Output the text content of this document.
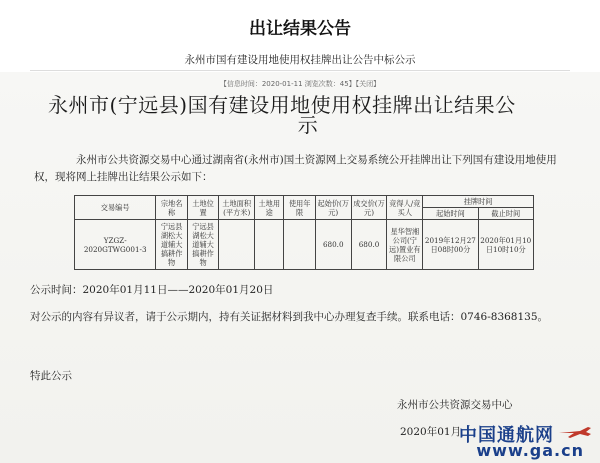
出让结果公告
永州市国有建设用地使用权挂牌出让公告中标公示
【信息时间：2020-01-11 浏览次数：45】【关闭】
永州市(宁远县)国有建设用地使用权挂牌出让结果公
示
永州市公共资源交易中心通过湖南省(永州市)国土资源网上交易系统公开挂牌出让下列国有建设用地使用权，现将网上挂牌出让结果公示如下：
交易编号	宗地名称	土地位置	土地面积(平方米)	土地用途	使用年限	起始价(万元)	成交价(万元)	竞得人/竞买人	挂牌时间	
									起始时间	截止时间
YZGZ-2020GTWG001-3	宁远县湖松大道辅大搞耕作物	宁远县湖松大道辅大搞耕作物				680.0	680.0	星华智湘公司(宁远)置业有限公司	2019年12月27日08时00分	2020年01月10日10时10分
公示时间：2020年01月11日——2020年01月20日
对公示的内容有异议者，请于公示期内，持有关证据材料到我中心办理复查手续。联系电话：0746-8368135。
特此公示
永州市公共资源交易中心
2020年01月
中国通航网
www.ga.cn
